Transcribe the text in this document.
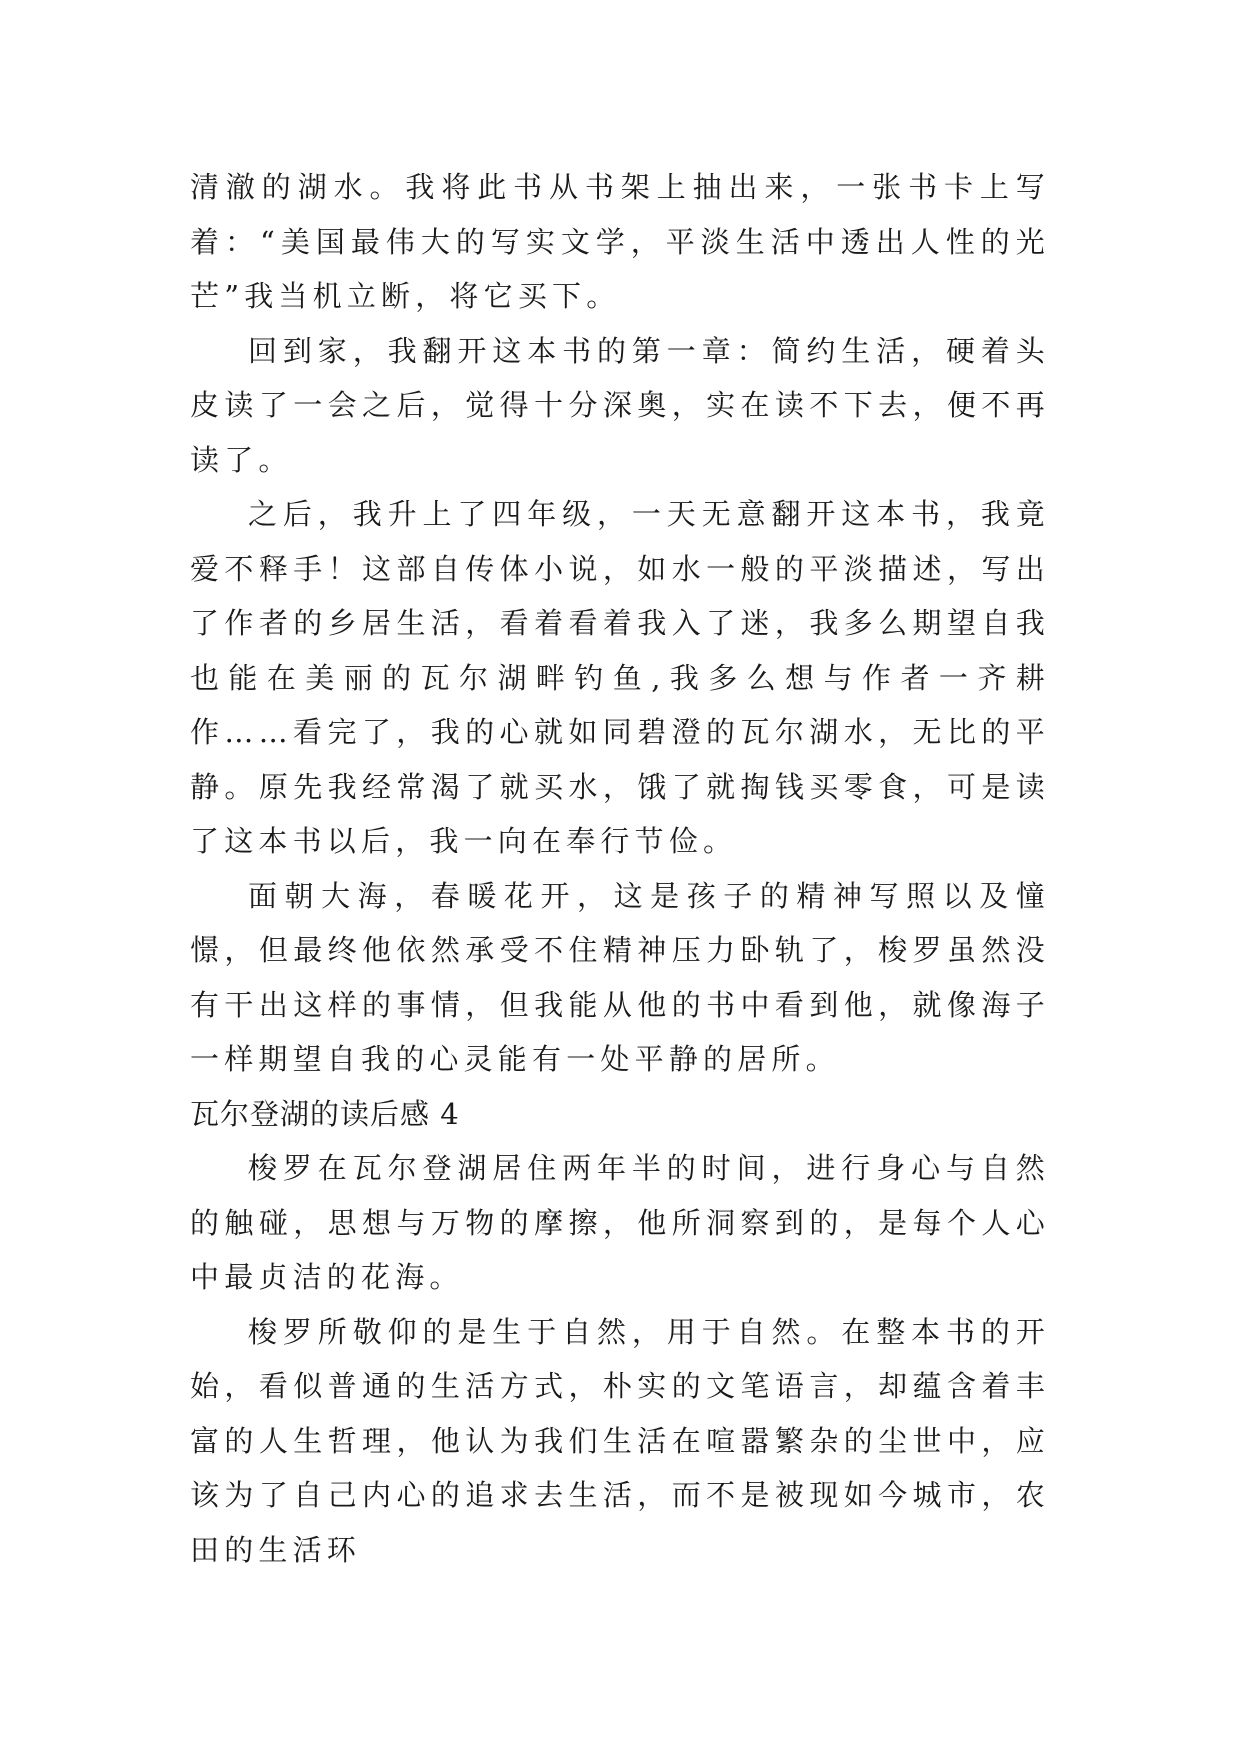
清澈的湖水。我将此书从书架上抽出来，一张书卡上写着：“美国最伟大的写实文学，平淡生活中透出人性的光芒”我当机立断，将它买下。

回到家，我翻开这本书的第一章：简约生活，硬着头皮读了一会之后，觉得十分深奥，实在读不下去，便不再读了。

之后，我升上了四年级，一天无意翻开这本书，我竟爱不释手！这部自传体小说，如水一般的平淡描述，写出了作者的乡居生活，看着看着我入了迷，我多么期望自我也能在美丽的瓦尔湖畔钓鱼,我多么想与作者一齐耕作……看完了，我的心就如同碧澄的瓦尔湖水，无比的平静。原先我经常渴了就买水，饿了就掏钱买零食，可是读了这本书以后，我一向在奉行节俭。

面朝大海，春暖花开，这是孩子的精神写照以及憧憬，但最终他依然承受不住精神压力卧轨了，梭罗虽然没有干出这样的事情，但我能从他的书中看到他，就像海子一样期望自我的心灵能有一处平静的居所。

瓦尔登湖的读后感 4

梭罗在瓦尔登湖居住两年半的时间，进行身心与自然的触碰，思想与万物的摩擦，他所洞察到的，是每个人心中最贞洁的花海。

梭罗所敬仰的是生于自然，用于自然。在整本书的开始，看似普通的生活方式，朴实的文笔语言，却蕴含着丰富的人生哲理，他认为我们生活在喧嚣繁杂的尘世中，应该为了自己内心的追求去生活，而不是被现如今城市，农田的生活环
